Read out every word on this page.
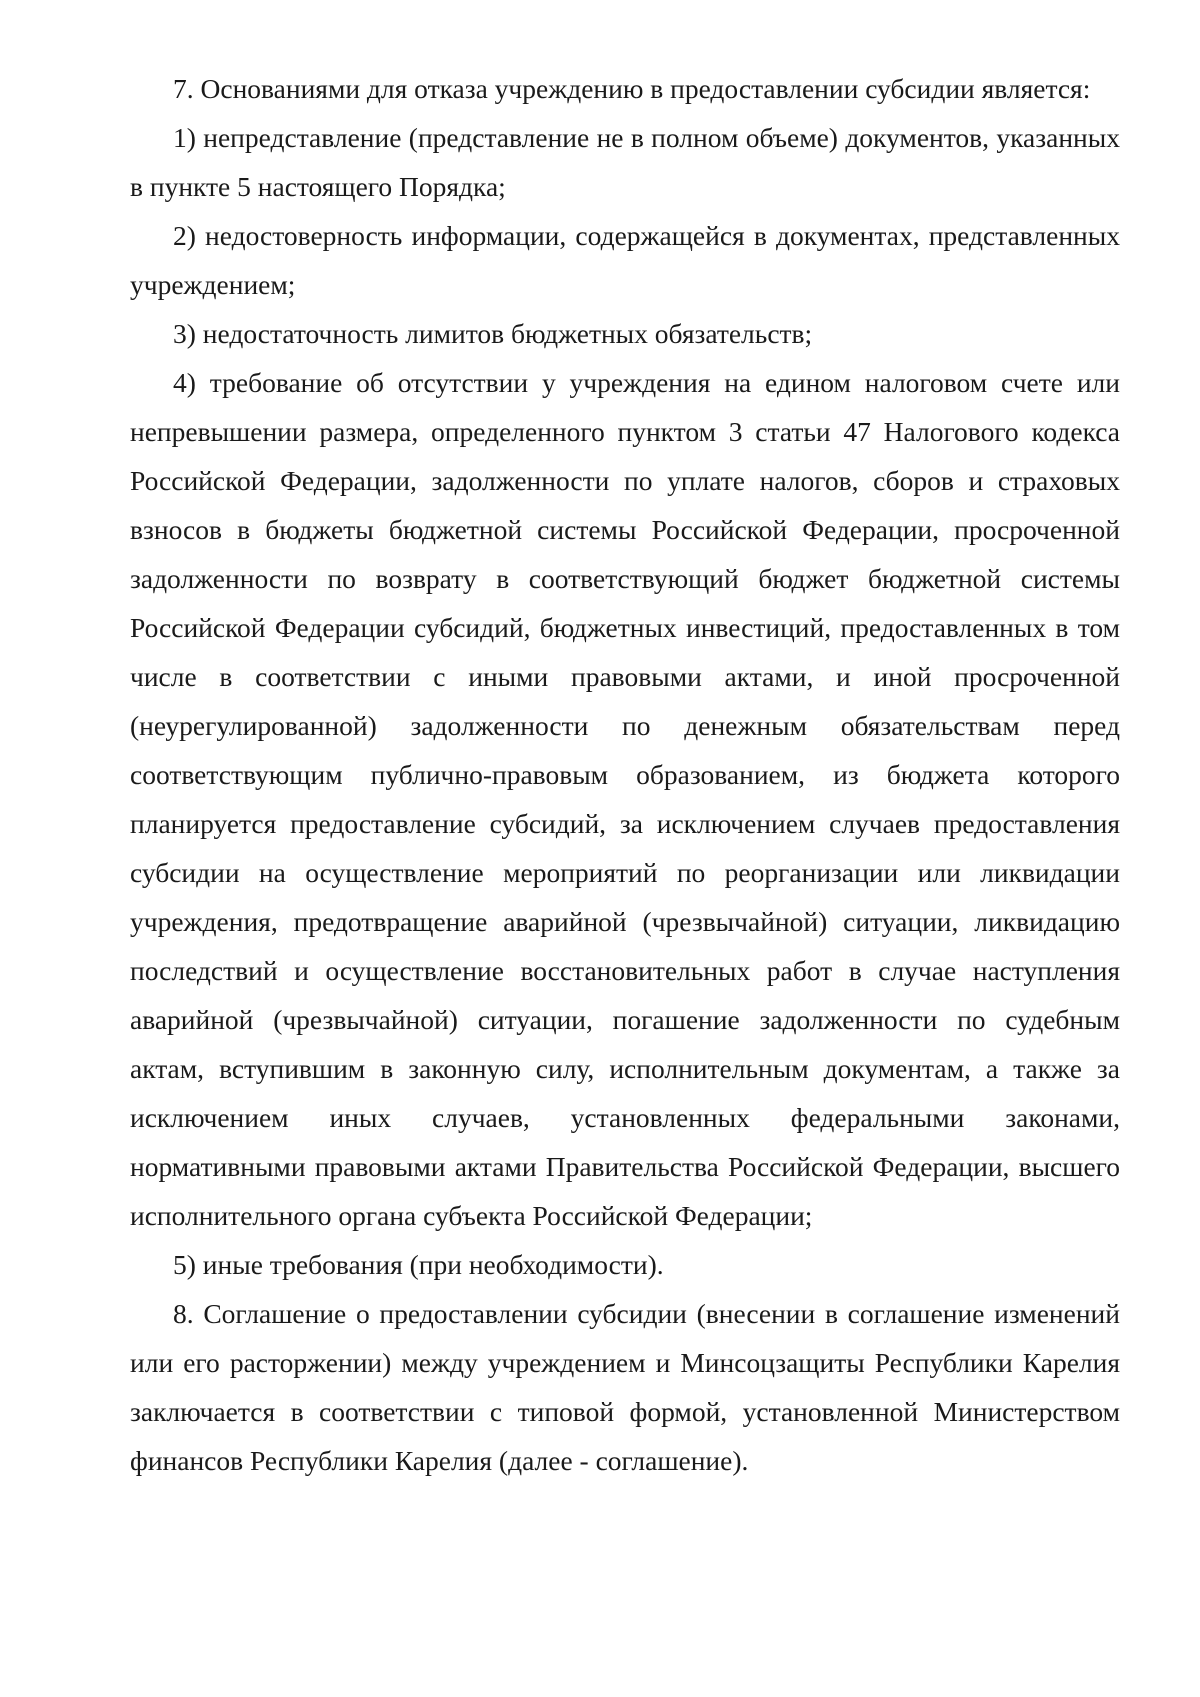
7. Основаниями для отказа учреждению в предоставлении субсидии является:

1) непредставление (представление не в полном объеме) документов, указанных в пункте 5 настоящего Порядка;

2) недостоверность информации, содержащейся в документах, представленных учреждением;

3) недостаточность лимитов бюджетных обязательств;

4) требование об отсутствии у учреждения на едином налоговом счете или непревышении размера, определенного пунктом 3 статьи 47 Налогового кодекса Российской Федерации, задолженности по уплате налогов, сборов и страховых взносов в бюджеты бюджетной системы Российской Федерации, просроченной задолженности по возврату в соответствующий бюджет бюджетной системы Российской Федерации субсидий, бюджетных инвестиций, предоставленных в том числе в соответствии с иными правовыми актами, и иной просроченной (неурегулированной) задолженности по денежным обязательствам перед соответствующим публично-правовым образованием, из бюджета которого планируется предоставление субсидий, за исключением случаев предоставления субсидии на осуществление мероприятий по реорганизации или ликвидации учреждения, предотвращение аварийной (чрезвычайной) ситуации, ликвидацию последствий и осуществление восстановительных работ в случае наступления аварийной (чрезвычайной) ситуации, погашение задолженности по судебным актам, вступившим в законную силу, исполнительным документам, а также за исключением иных случаев, установленных федеральными законами, нормативными правовыми актами Правительства Российской Федерации, высшего исполнительного органа субъекта Российской Федерации;

5) иные требования (при необходимости).

8. Соглашение о предоставлении субсидии (внесении в соглашение изменений или его расторжении) между учреждением и Минсоцзащиты Республики Карелия заключается в соответствии с типовой формой, установленной Министерством финансов Республики Карелия (далее - соглашение).
